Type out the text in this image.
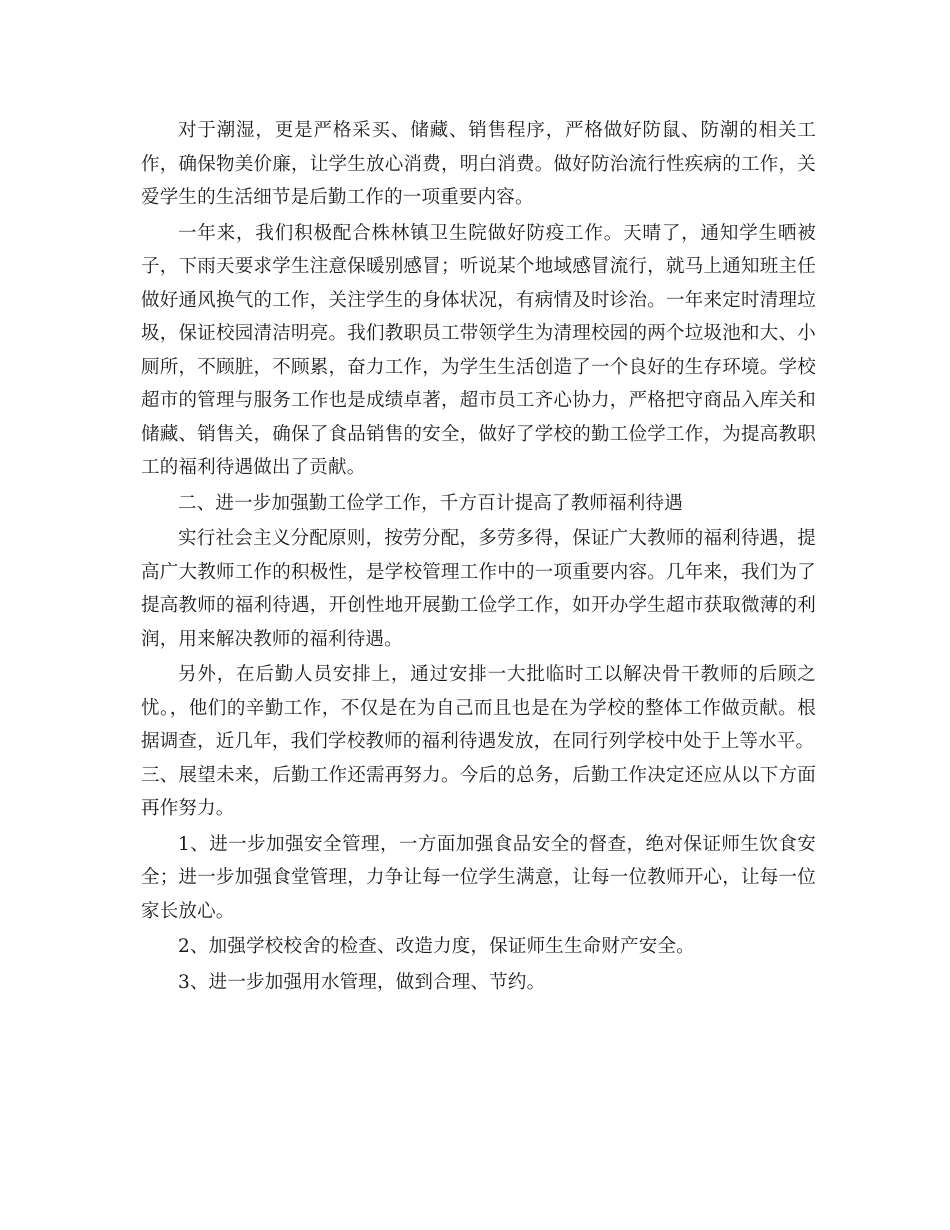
对于潮湿，更是严格采买、储藏、销售程序，严格做好防鼠、防潮的相关工作，确保物美价廉，让学生放心消费，明白消费。做好防治流行性疾病的工作，关爱学生的生活细节是后勤工作的一项重要内容。

一年来，我们积极配合株林镇卫生院做好防疫工作。天晴了，通知学生晒被子，下雨天要求学生注意保暖别感冒；听说某个地域感冒流行，就马上通知班主任做好通风换气的工作，关注学生的身体状况，有病情及时诊治。一年来定时清理垃圾，保证校园清洁明亮。我们教职员工带领学生为清理校园的两个垃圾池和大、小厕所，不顾脏，不顾累，奋力工作，为学生生活创造了一个良好的生存环境。学校超市的管理与服务工作也是成绩卓著，超市员工齐心协力，严格把守商品入库关和储藏、销售关，确保了食品销售的安全，做好了学校的勤工俭学工作，为提高教职工的福利待遇做出了贡献。

二、进一步加强勤工俭学工作，千方百计提高了教师福利待遇

实行社会主义分配原则，按劳分配，多劳多得，保证广大教师的福利待遇，提高广大教师工作的积极性，是学校管理工作中的一项重要内容。几年来，我们为了提高教师的福利待遇，开创性地开展勤工俭学工作，如开办学生超市获取微薄的利润，用来解决教师的福利待遇。

另外，在后勤人员安排上，通过安排一大批临时工以解决骨干教师的后顾之忧。，他们的辛勤工作，不仅是在为自己而且也是在为学校的整体工作做贡献。根据调查，近几年，我们学校教师的福利待遇发放，在同行列学校中处于上等水平。

三、展望未来，后勤工作还需再努力。今后的总务，后勤工作决定还应从以下方面再作努力。

1、进一步加强安全管理，一方面加强食品安全的督查，绝对保证师生饮食安全；进一步加强食堂管理，力争让每一位学生满意，让每一位教师开心，让每一位家长放心。

2、加强学校校舍的检查、改造力度，保证师生生命财产安全。

3、进一步加强用水管理，做到合理、节约。
